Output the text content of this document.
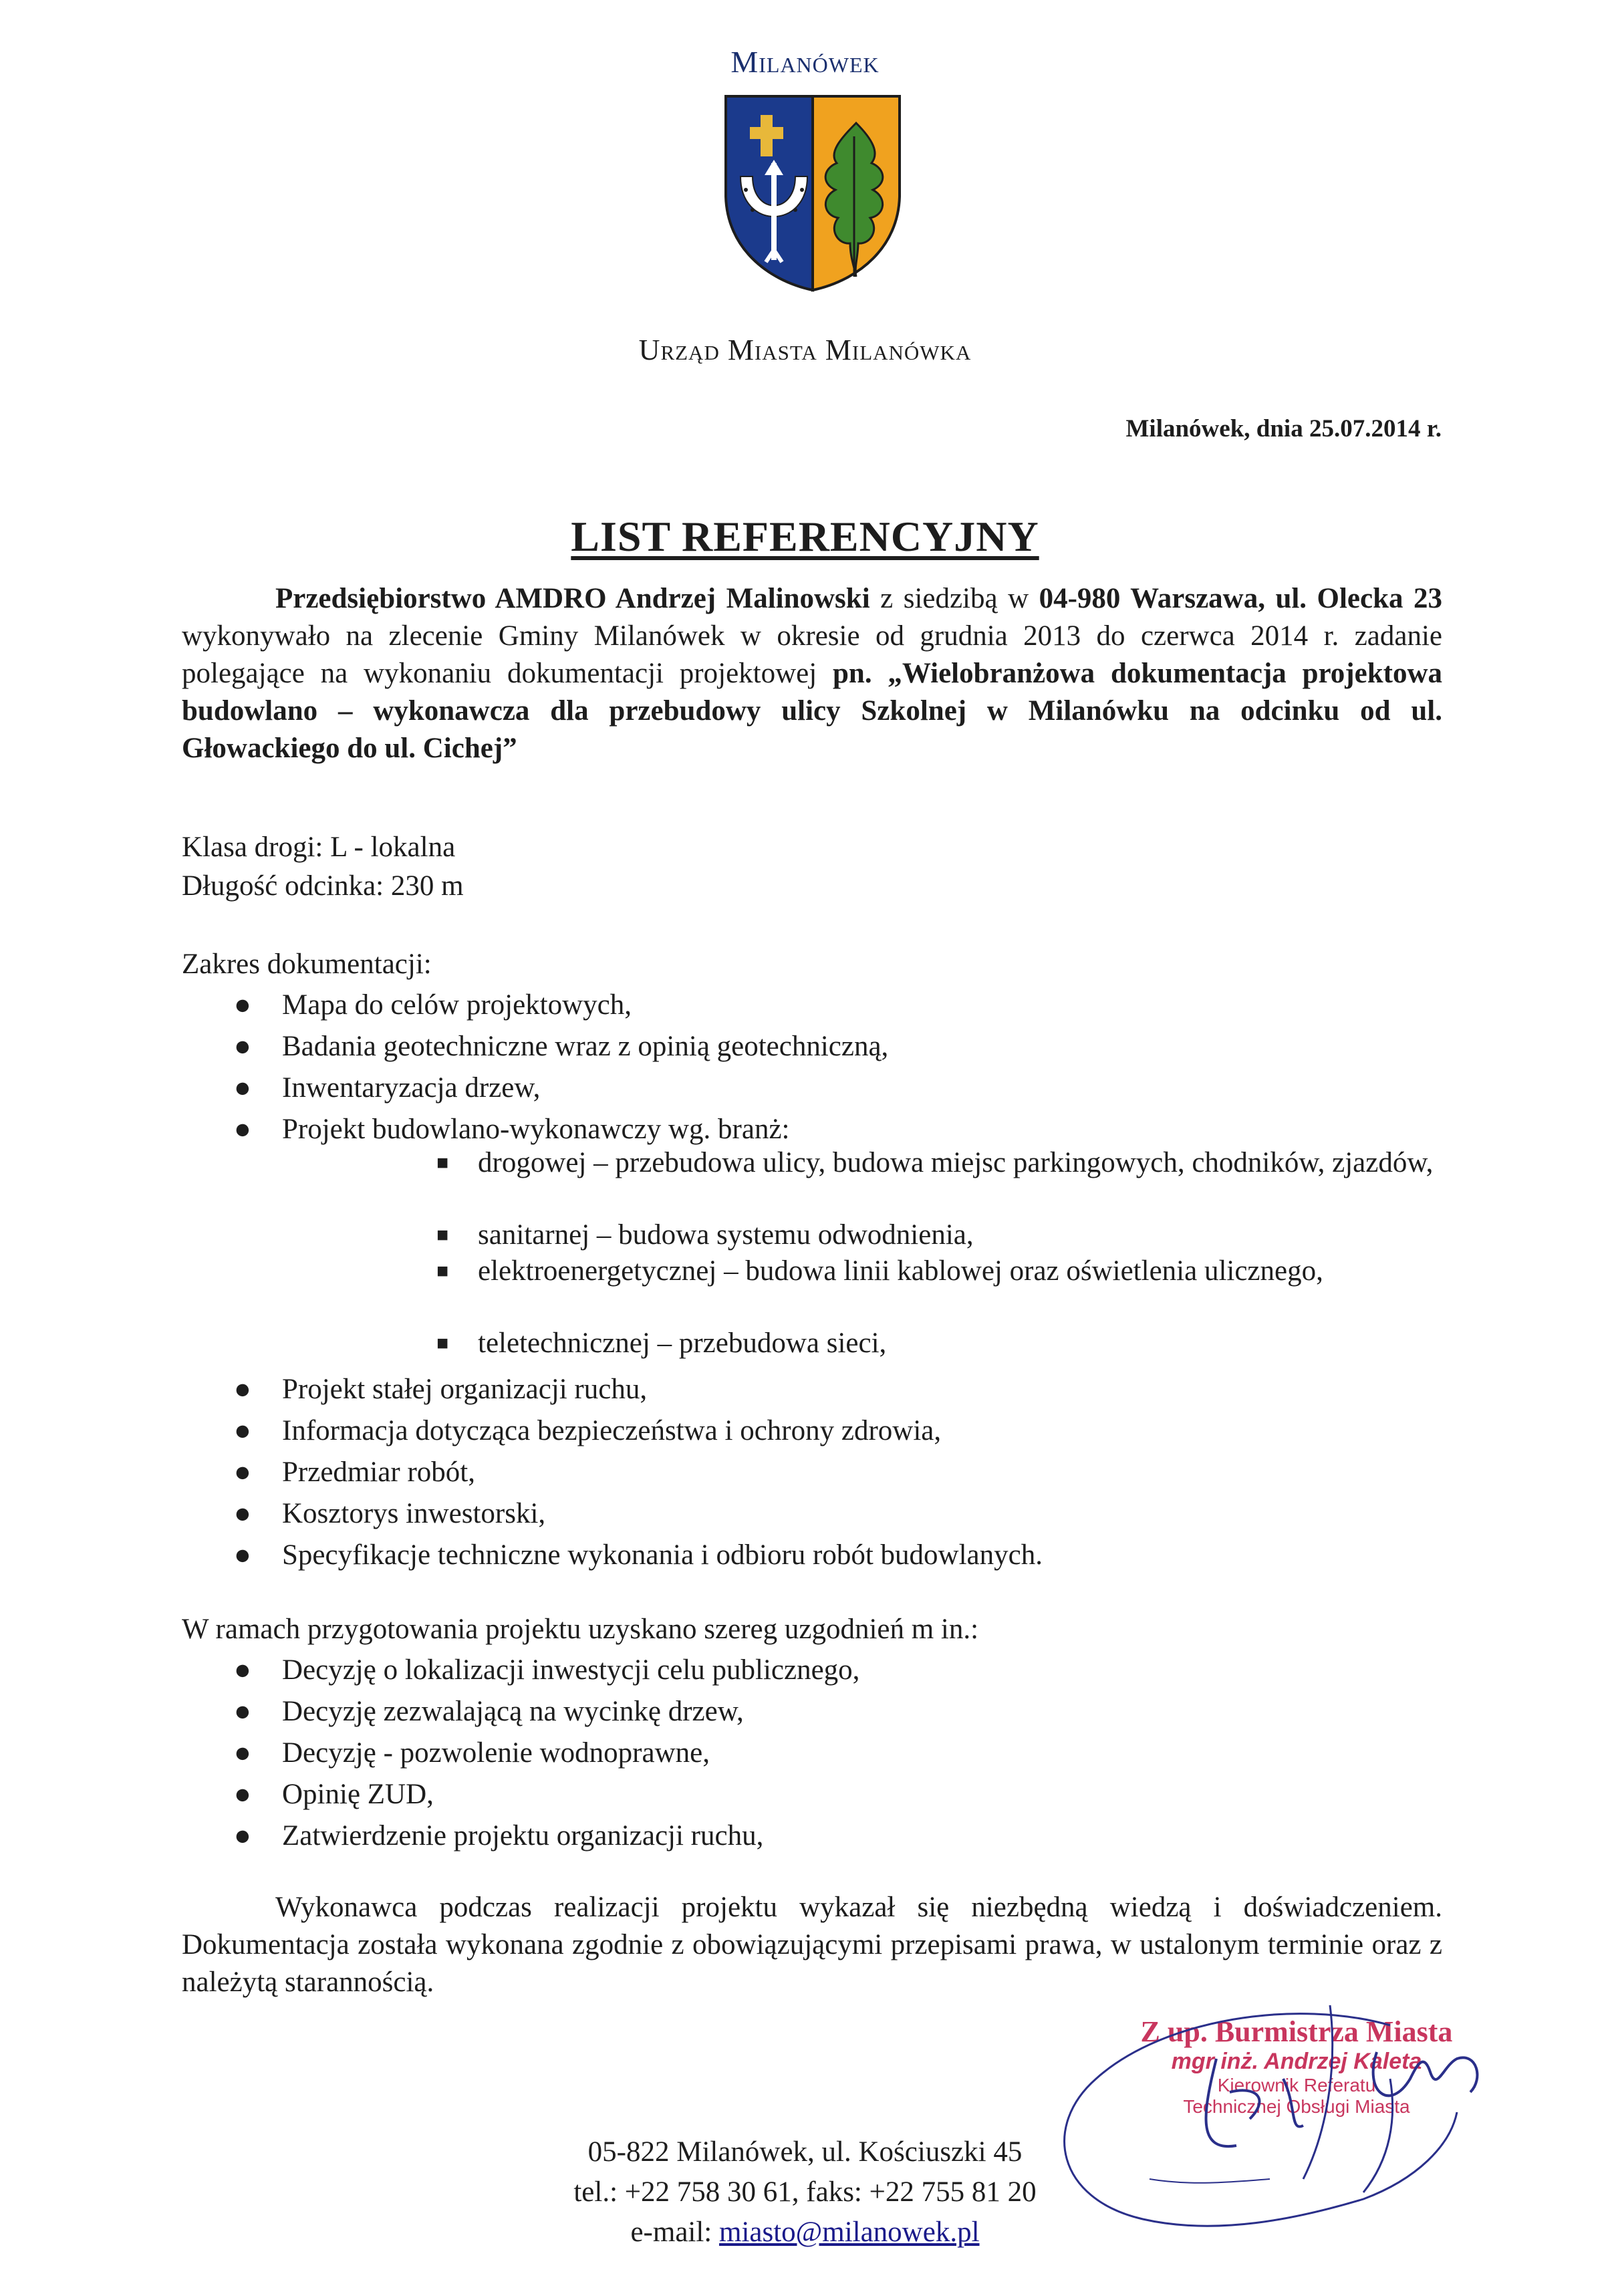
Milanówek
Urząd Miasta Milanówka
Milanówek, dnia 25.07.2014 r.
LIST REFERENCYJNY

Przedsiębiorstwo AMDRO Andrzej Malinowski z siedzibą w 04-980 Warszawa, ul. Olecka 23 wykonywało na zlecenie Gminy Milanówek w okresie od grudnia 2013 do czerwca 2014 r. zadanie polegające na wykonaniu dokumentacji projektowej pn. „Wielobranżowa dokumentacja projektowa budowlano – wykonawcza dla przebudowy ulicy Szkolnej w Milanówku na odcinku od ul. Głowackiego do ul. Cichej”

Klasa drogi: L - lokalna
Długość odcinka: 230 m
Zakres dokumentacji:
● Mapa do celów projektowych,
● Badania geotechniczne wraz z opinią geotechniczną,
● Inwentaryzacja drzew,
● Projekt budowlano-wykonawczy wg. branż:
■ drogowej – przebudowa ulicy, budowa miejsc parkingowych, chodników, zjazdów,
■ sanitarnej – budowa systemu odwodnienia,
■ elektroenergetycznej – budowa linii kablowej oraz oświetlenia ulicznego,
■ teletechnicznej – przebudowa sieci,
● Projekt stałej organizacji ruchu,
● Informacja dotycząca bezpieczeństwa i ochrony zdrowia,
● Przedmiar robót,
● Kosztorys inwestorski,
● Specyfikacje techniczne wykonania i odbioru robót budowlanych.
W ramach przygotowania projektu uzyskano szereg uzgodnień m in.:
● Decyzję o lokalizacji inwestycji celu publicznego,
● Decyzję zezwalającą na wycinkę drzew,
● Decyzję - pozwolenie wodnoprawne,
● Opinię ZUD,
● Zatwierdzenie projektu organizacji ruchu,

Wykonawca podczas realizacji projektu wykazał się niezbędną wiedzą i doświadczeniem. Dokumentacja została wykonana zgodnie z obowiązującymi przepisami prawa, w ustalonym terminie oraz z należytą starannością.

Z up. Burmistrza Miasta
mgr inż. Andrzej Kaleta
Kierownik Referatu
Technicznej Obsługi Miasta
05-822 Milanówek, ul. Kościuszki 45
tel.: +22 758 30 61, faks: +22 755 81 20
e-mail: miasto@milanowek.pl
